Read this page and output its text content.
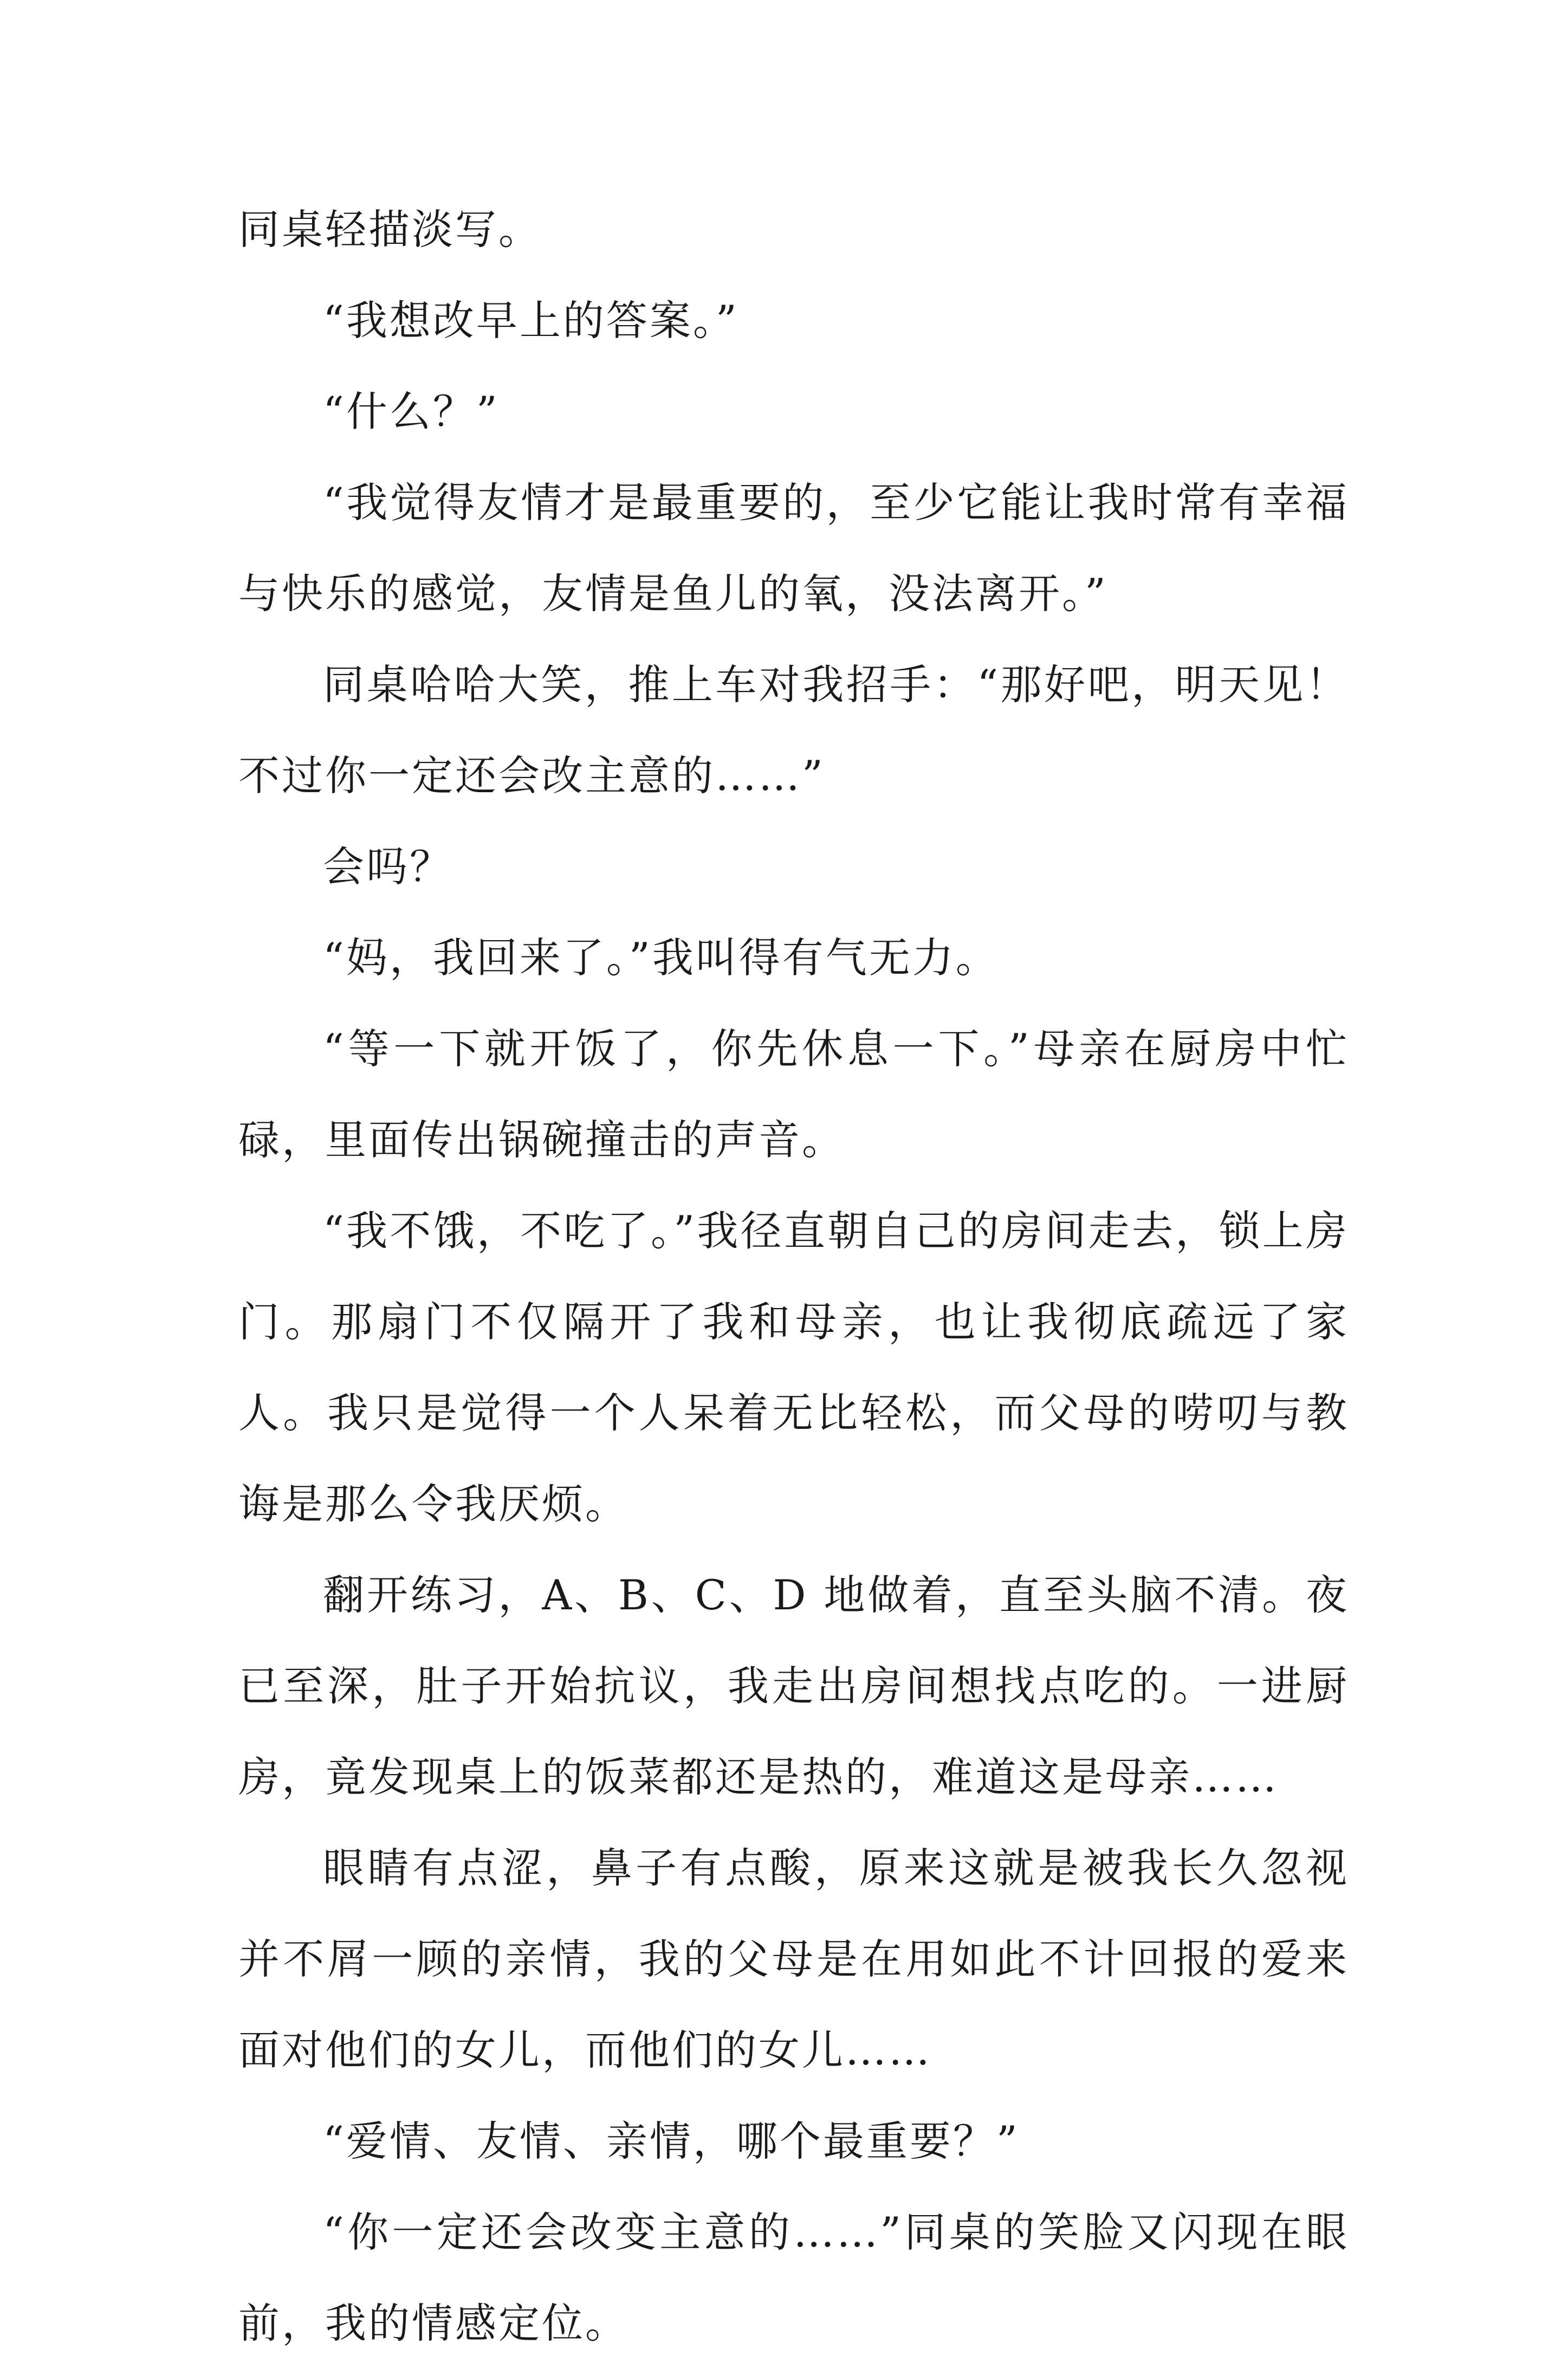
同桌轻描淡写。

“我想改早上的答案。”

“什么？”

“我觉得友情才是最重要的，至少它能让我时常有幸福与快乐的感觉，友情是鱼儿的氧，没法离开。”

同桌哈哈大笑，推上车对我招手：“那好吧，明天见！不过你一定还会改主意的……”

会吗？

“妈，我回来了。”我叫得有气无力。

“等一下就开饭了，你先休息一下。”母亲在厨房中忙碌，里面传出锅碗撞击的声音。

“我不饿，不吃了。”我径直朝自己的房间走去，锁上房门。那扇门不仅隔开了我和母亲，也让我彻底疏远了家人。我只是觉得一个人呆着无比轻松，而父母的唠叨与教诲是那么令我厌烦。

翻开练习，A、B、C、D 地做着，直至头脑不清。夜已至深，肚子开始抗议，我走出房间想找点吃的。一进厨房，竟发现桌上的饭菜都还是热的，难道这是母亲……

眼睛有点涩，鼻子有点酸，原来这就是被我长久忽视并不屑一顾的亲情，我的父母是在用如此不计回报的爱来面对他们的女儿，而他们的女儿……

“爱情、友情、亲情，哪个最重要？”

“你一定还会改变主意的……”同桌的笑脸又闪现在眼前，我的情感定位。
